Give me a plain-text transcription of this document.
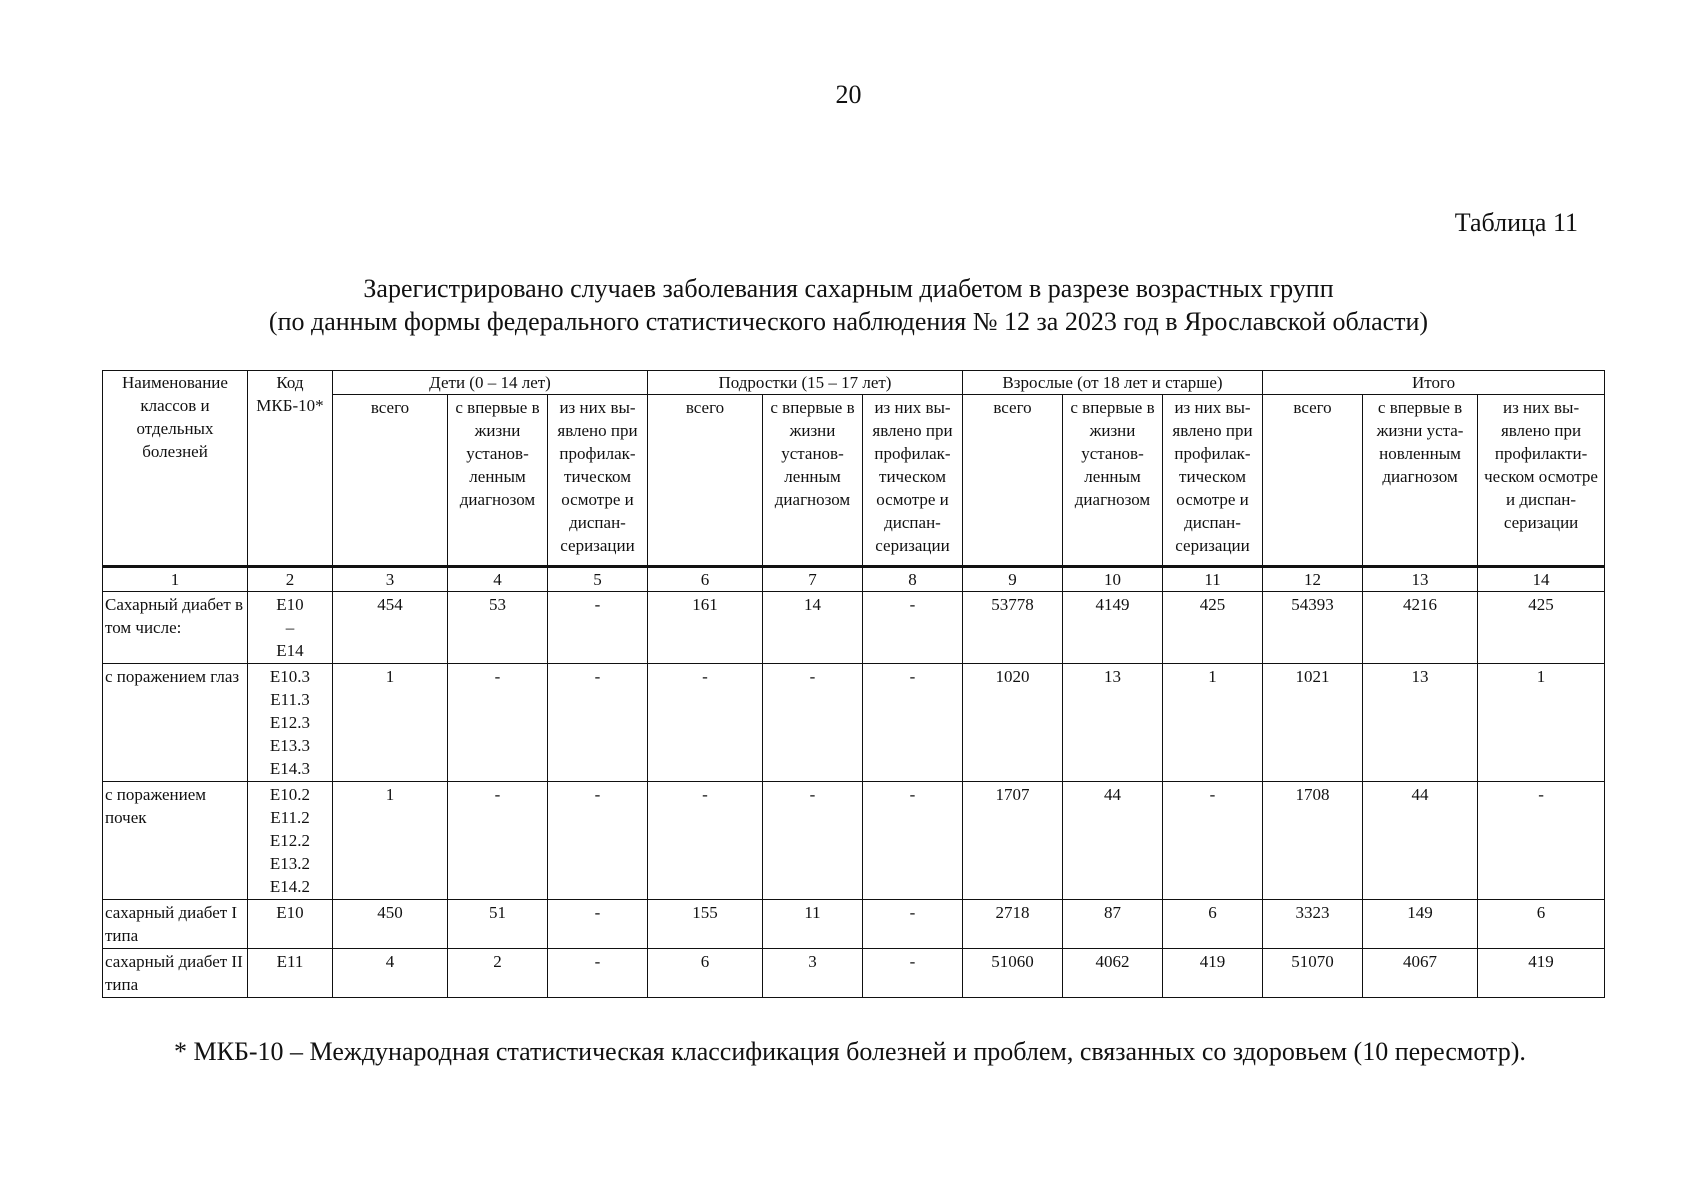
20
Таблица 11
Зарегистрировано случаев заболевания сахарным диабетом в разрезе возрастных групп
(по данным формы федерального статистического наблюдения № 12 за 2023 год в Ярославской области)
Наименование классов и отдельных болезней	Код МКБ-10*	Дети (0 – 14 лет)			Подростки (15 – 17 лет)			Взрослые (от 18 лет и старше)			Итого		
		всего	с впервые в жизни установ-ленным диагнозом	из них вы-явлено при профилак-тическом осмотре и диспан-серизации	всего	с впервые в жизни установ-ленным диагнозом	из них вы-явлено при профилак-тическом осмотре и диспан-серизации	всего	с впервые в жизни установ-ленным диагнозом	из них вы-явлено при профилак-тическом осмотре и диспан-серизации	всего	с впервые в жизни уста-новленным диагнозом	из них вы-явлено при профилакти-ческом осмотре и диспан-серизации
1	2	3	4	5	6	7	8	9	10	11	12	13	14
Сахарный диабет в том числе:	Е10 – Е14	454	53	-	161	14	-	53778	4149	425	54393	4216	425
с поражением глаз	Е10.3 Е11.3 Е12.3 Е13.3 Е14.3	1	-	-	-	-	-	1020	13	1	1021	13	1
с поражением почек	Е10.2 Е11.2 Е12.2 Е13.2 Е14.2	1	-	-	-	-	-	1707	44	-	1708	44	-
сахарный диабет I типа	Е10	450	51	-	155	11	-	2718	87	6	3323	149	6
сахарный диабет II типа	Е11	4	2	-	6	3	-	51060	4062	419	51070	4067	419
* МКБ-10 – Международная статистическая классификация болезней и проблем, связанных со здоровьем (10 пересмотр).
